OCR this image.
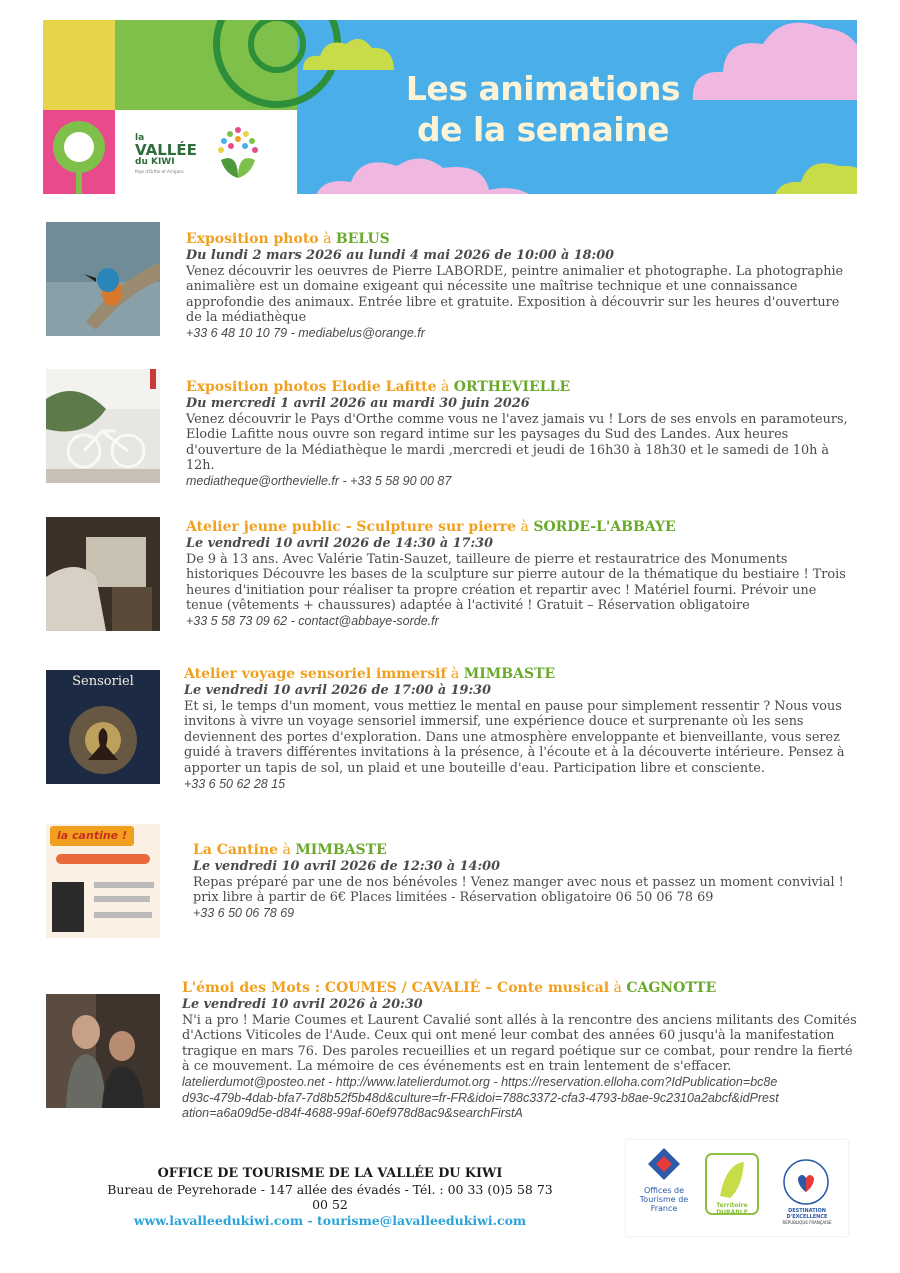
la
VALLÉE
du KIWI
Pays d'Orthe et Arrigans
Les animations
de la semaine
Exposition photo à BELUS
Du lundi 2 mars 2026 au lundi 4 mai 2026 de 10:00 à 18:00
Venez découvrir les oeuvres de Pierre LABORDE, peintre animalier et photographe. La photographie animalière est un domaine exigeant qui nécessite une maîtrise technique et une connaissance approfondie des animaux. Entrée libre et gratuite. Exposition à découvrir sur les heures d'ouverture de la médiathèque
+33 6 48 10 10 79 - mediabelus@orange.fr
Exposition photos Elodie Lafitte à ORTHEVIELLE
Du mercredi 1 avril 2026 au mardi 30 juin 2026
Venez découvrir le Pays d'Orthe comme vous ne l'avez jamais vu ! Lors de ses envols en paramoteurs, Elodie Lafitte nous ouvre son regard intime sur les paysages du Sud des Landes. Aux heures d'ouverture de la Médiathèque le mardi ,mercredi et jeudi de 16h30 à 18h30 et le samedi de 10h à 12h.
mediatheque@orthevielle.fr - +33 5 58 90 00 87
Atelier jeune public - Sculpture sur pierre à SORDE-L'ABBAYE
Le vendredi 10 avril 2026 de 14:30 à 17:30
De 9 à 13 ans. Avec Valérie Tatin-Sauzet, tailleure de pierre et restauratrice des Monuments historiques Découvre les bases de la sculpture sur pierre autour de la thématique du bestiaire ! Trois heures d'initiation pour réaliser ta propre création et repartir avec ! Matériel fourni. Prévoir une tenue (vêtements + chaussures) adaptée à l'activité ! Gratuit – Réservation obligatoire
+33 5 58 73 09 62 - contact@abbaye-sorde.fr
Sensoriel	Atelier voyage sensoriel immersif à MIMBASTE
Le vendredi 10 avril 2026 de 17:00 à 19:30
Et si, le temps d'un moment, vous mettiez le mental en pause pour simplement ressentir ? Nous vous invitons à vivre un voyage sensoriel immersif, une expérience douce et surprenante où les sens deviennent des portes d'exploration. Dans une atmosphère enveloppante et bienveillante, vous serez guidé à travers différentes invitations à la présence, à l'écoute et à la découverte intérieure. Pensez à apporter un tapis de sol, un plaid et une bouteille d'eau. Participation libre et consciente.
+33 6 50 62 28 15
la cantine !
La Cantine à MIMBASTE
Le vendredi 10 avril 2026 de 12:30 à 14:00
Repas préparé par une de nos bénévoles ! Venez manger avec nous et passez un moment convivial ! prix libre à partir de 6€ Places limitées - Réservation obligatoire 06 50 06 78 69
+33 6 50 06 78 69
L'émoi des Mots : COUMES / CAVALIÉ – Conte musical à CAGNOTTE
Le vendredi 10 avril 2026 à 20:30
N'i a pro ! Marie Coumes et Laurent Cavalié sont allés à la rencontre des anciens militants des Comités d'Actions Viticoles de l'Aude. Ceux qui ont mené leur combat des années 60 jusqu'à la manifestation tragique en mars 76. Des paroles recueillies et un regard poétique sur ce combat, pour rendre la fierté à ce mouvement. La mémoire de ces événements est en train lentement de s'effacer.
latelierdumot@posteo.net - http://www.latelierdumot.org - https://reservation.elloha.com?IdPublication=bc8ed93c-479b-4dab-bfa7-7d8b52f5b48d&culture=fr-FR&idoi=788c3372-cfa3-4793-b8ae-9c2310a2abcf&idPrestation=a6a09d5e-d84f-4688-99af-60ef978d8ac9&searchFirstA
OFFICE DE TOURISME DE LA VALLÉE DU KIWI
Bureau de Peyrehorade - 147 allée des évadés - Tél. : 00 33 (0)5 58 73 00 52
www.lavalleedukiwi.com - tourisme@lavalleedukiwi.com
Offices de Tourisme de France	Territoire DURABLE	DESTINATION D'EXCELLENCE
RÉPUBLIQUE FRANÇAISE
